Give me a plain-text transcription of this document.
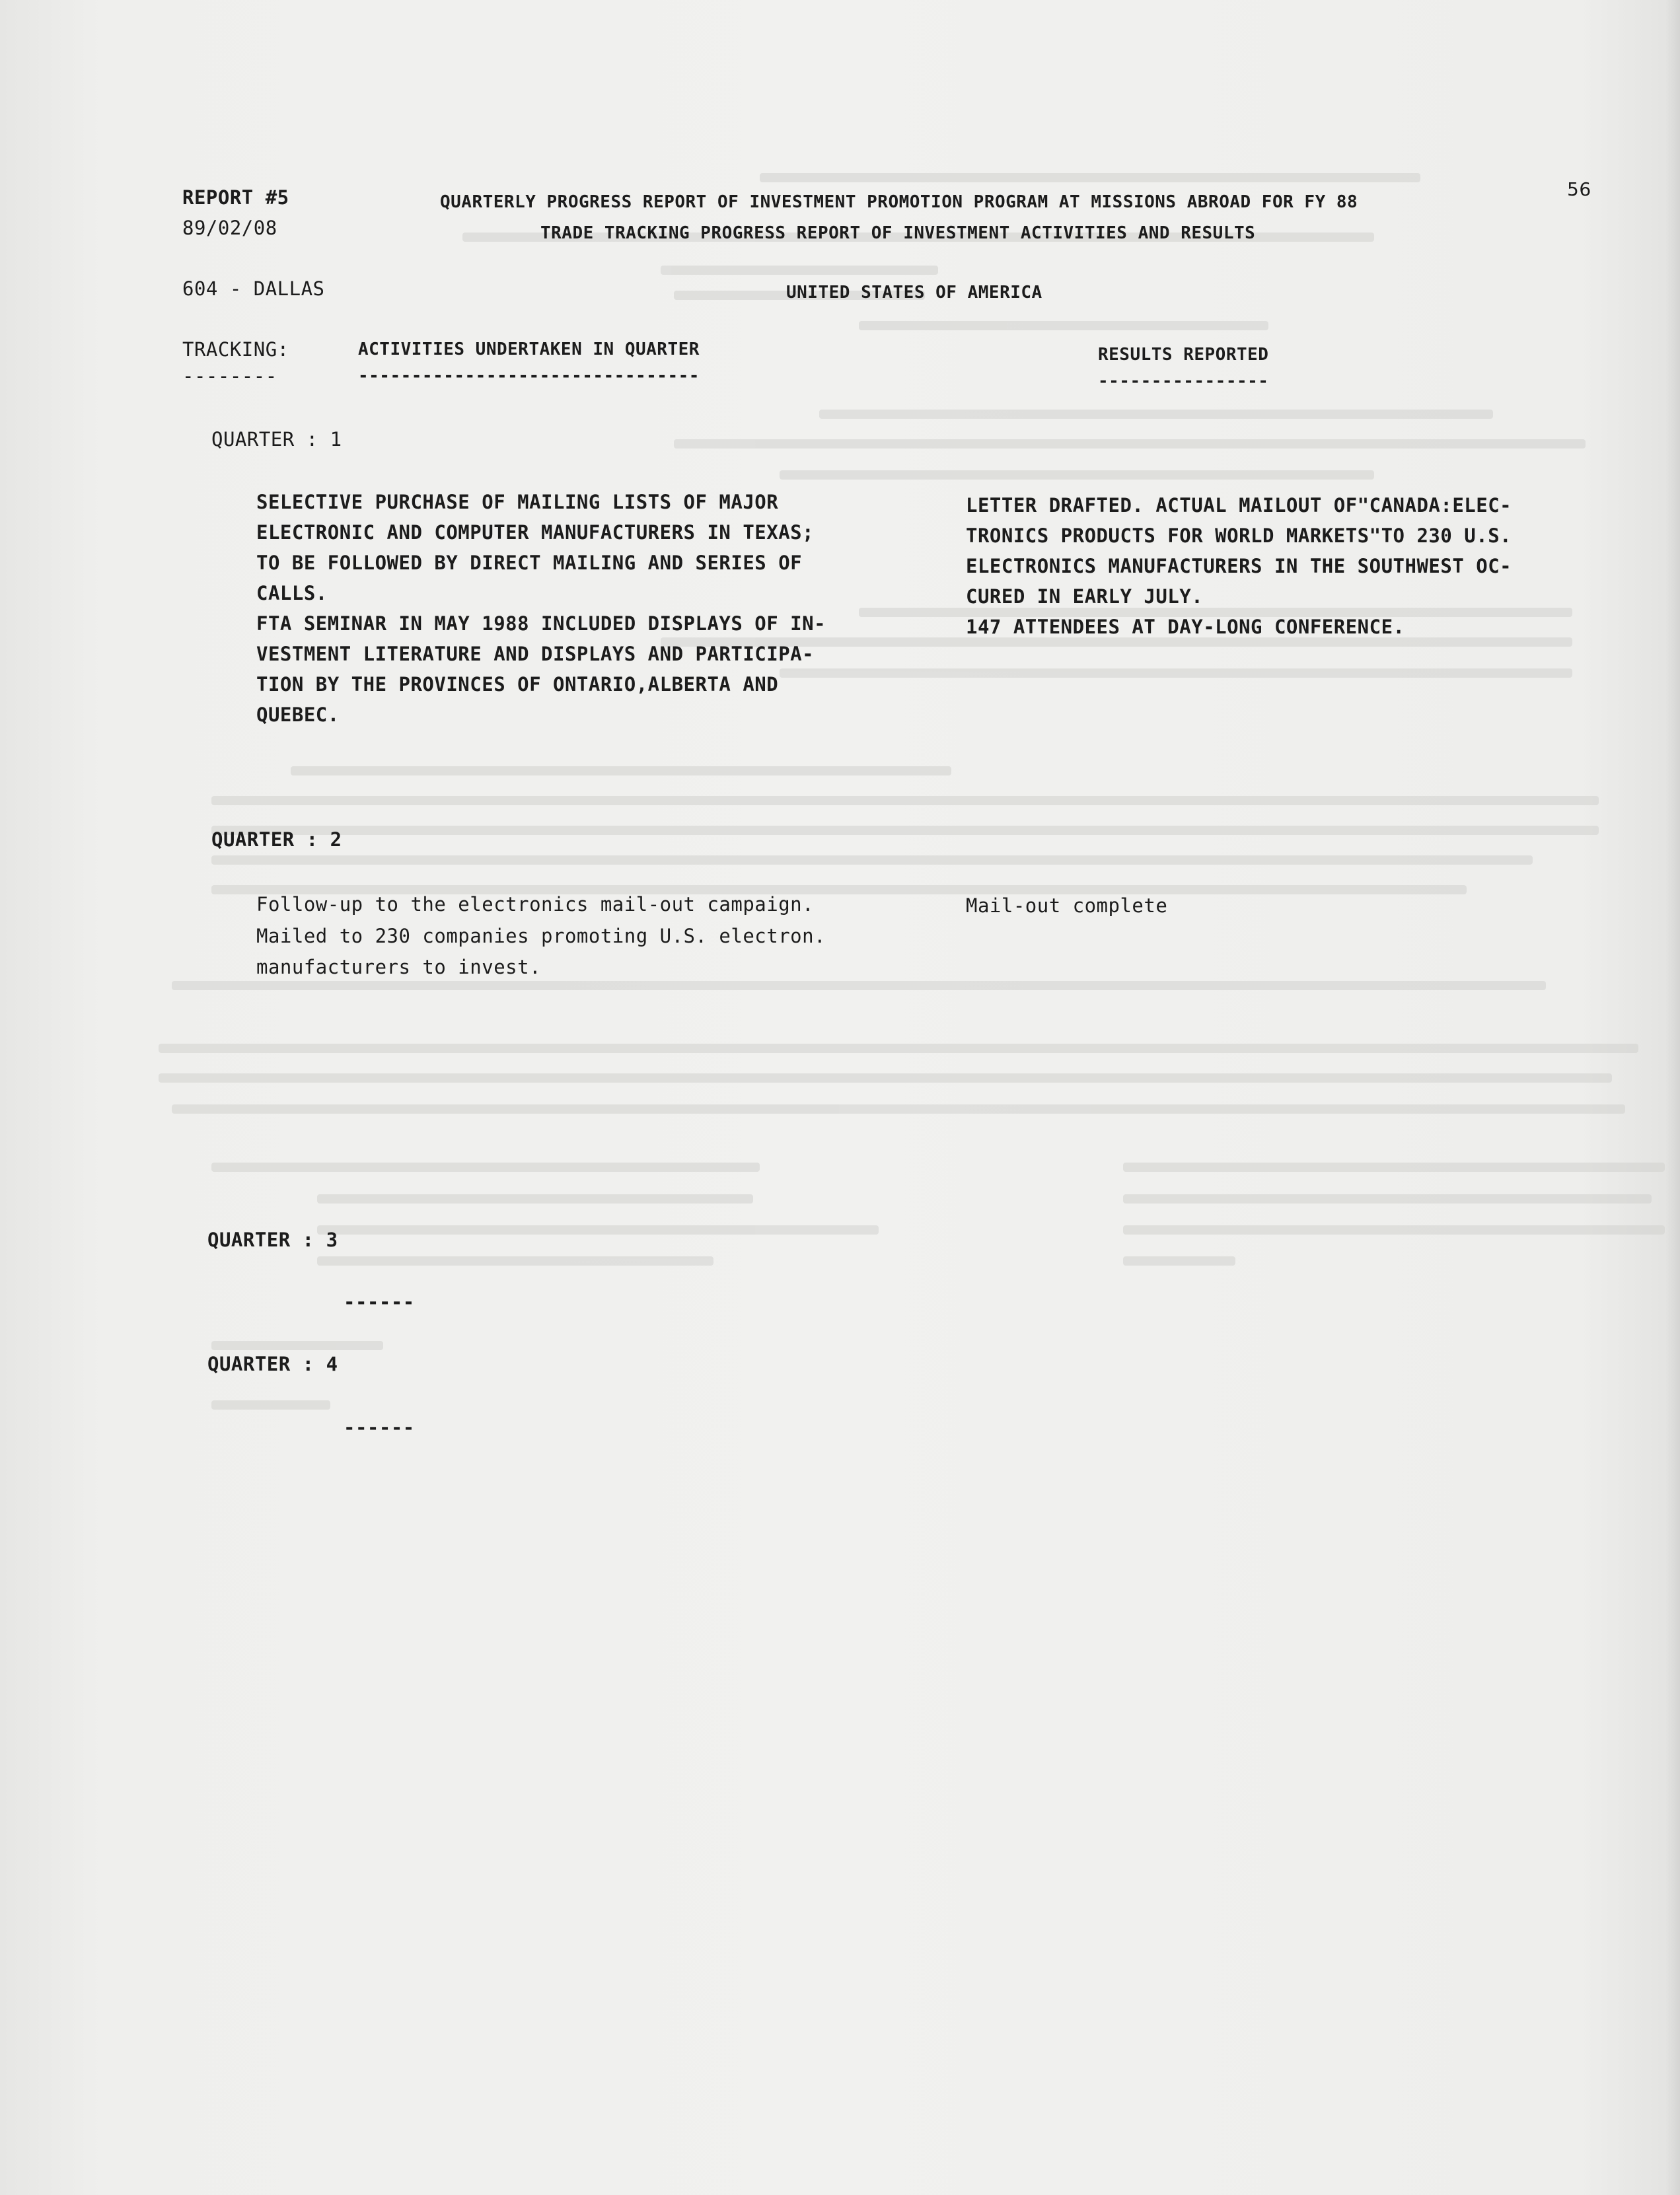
56
REPORT #5
89/02/08
QUARTERLY PROGRESS REPORT OF INVESTMENT PROMOTION PROGRAM AT MISSIONS ABROAD FOR FY 88
TRADE TRACKING PROGRESS REPORT OF INVESTMENT ACTIVITIES AND RESULTS
604 - DALLAS	UNITED STATES OF AMERICA
TRACKING:
--------
ACTIVITIES UNDERTAKEN IN QUARTER
--------------------------------
RESULTS REPORTED
----------------
QUARTER : 1
SELECTIVE PURCHASE OF MAILING LISTS OF MAJOR
ELECTRONIC AND COMPUTER MANUFACTURERS IN TEXAS;
TO BE FOLLOWED BY DIRECT MAILING AND SERIES OF
CALLS.
FTA SEMINAR IN MAY 1988 INCLUDED DISPLAYS OF IN-
VESTMENT LITERATURE AND DISPLAYS AND PARTICIPA-
TION BY THE PROVINCES OF ONTARIO,ALBERTA AND
QUEBEC.
LETTER DRAFTED. ACTUAL MAILOUT OF"CANADA:ELEC-
TRONICS PRODUCTS FOR WORLD MARKETS"TO 230 U.S.
ELECTRONICS MANUFACTURERS IN THE SOUTHWEST OC-
CURED IN EARLY JULY.
147 ATTENDEES AT DAY-LONG CONFERENCE.
QUARTER : 2
Follow-up to the electronics mail-out campaign.
Mailed to 230 companies promoting U.S. electron.
manufacturers to invest.
Mail-out complete
QUARTER : 3
------
QUARTER : 4
------
